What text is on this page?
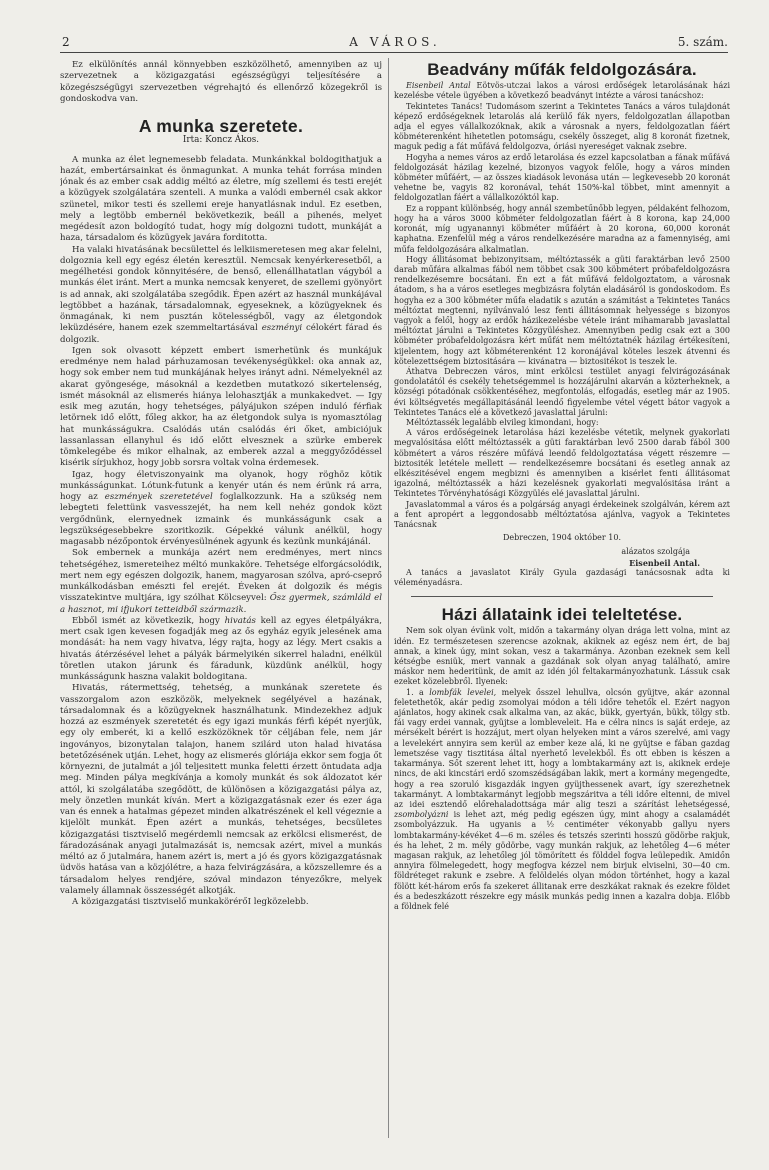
2	A VÁROS.	5. szám.

Ez elkülönítés annál könnyebben eszközölhető, amennyiben az uj szervezetnek a közigazgatási egészségügyi teljesítésére a közegészségügyi szervezetben végrehajtó és ellenőrző közegekről is gondoskodva van.

A munka szeretete.
Irta: Koncz Ákos.

A munka az élet legnemesebb feladata. Munkánkkal boldogithatjuk a hazát, embertársainkat és önmagunkat. A munka tehát forrása minden jónak és az ember csak addig méltó az életre, míg szellemi és testi erejét a közügyek szolgálatára szenteli. A munka a valódi embernél csak akkor szünetel, mikor testi és szellemi ereje hanyatlásnak indul. Ez esetben, mely a legtöbb embernél bekövetkezik, beáll a pihenés, melyet megédesít azon boldogító tudat, hogy míg dolgozni tudott, munkáját a haza, társadalom és közügyek javára forditotta.

Ha valaki hivatásának becsülettel és lelkiismeretesen meg akar felelni, dolgoznia kell egy egész életén keresztül. Nemcsak kenyérkeresetből, a megélhetési gondok könnyitésére, de benső, ellenállhatatlan vágyból a munkás élet iránt. Mert a munka nemcsak kenyeret, de szellemi gyönyört is ad annak, aki szolgálatába szegődik. Épen azért az használ munkájával legtöbbet a hazának, társadalomnak, egyeseknek, a közügyeknek és önmagának, ki nem pusztán kötelességből, vagy az életgondok leküzdésére, hanem ezek szemmeltartásával eszményi célokért fárad és dolgozik.

Igen sok olvasott képzett embert ismerhetünk és munkájuk eredménye nem halad párhuzamosan tevékenységükkel: oka annak az, hogy sok ember nem tud munkájának helyes irányt adni. Némelyeknél az akarat gyöngesége, másoknál a kezdetben mutatkozó sikertelenség, ismét másoknál az elismerés hiánya lelohasztják a munkakedvet. — Igy esik meg azután, hogy tehetséges, pályájukon szépen induló férfiak letörnek idő előtt, főleg akkor, ha az életgondok sulya is nyomasztólag hat munkásságukra. Csalódás után csalódás éri őket, ambiciójuk lassanlassan ellanyhul és idő előtt elvesznek a szürke emberek tömkelegébe és mikor elhalnak, az emberek azzal a meggyőződéssel kisérik sírjukhoz, hogy jobb sorsra voltak volna érdemesek.

Igaz, hogy életviszonyaink ma olyanok, hogy röghöz kötik munkásságunkat. Lótunk-futunk a kenyér után és nem érünk rá arra, hogy az eszmények szeretetével foglalkozzunk. Ha a szükség nem lebegteti felettünk vasvesszejét, ha nem kell nehéz gondok közt vergődnünk, elernyednek izmaink és munkásságunk csak a legszükségesebbekre szoritkozik. Gépekké válunk anélkül, hogy magasabb nézőpontok érvényesülnének agyunk és kezünk munkájánál.

Sok embernek a munkája azért nem eredményes, mert nincs tehetségéhez, ismereteihez méltó munkaköre. Tehetsége elforgácsolódik, mert nem egy egészen dolgozik, hanem, magyarosan szólva, apró-cseprő munkálkodásban emészti fel erejét. Éveken át dolgozik és mégis visszatekintve multjára, igy szólhat Kölcseyvel: Ősz gyermek, számláld el a hasznot, mi ifjukori tetteidből származik.

Ebből ismét az következik, hogy hivatás kell az egyes életpályákra, mert csak igen kevesen fogadják meg az ős egyház egyik jelesének ama mondását: ha nem vagy hivatva, légy rajta, hogy az légy. Mert csakis a hivatás átérzésével lehet a pályák bármelyikén sikerrel haladni, enélkül töretlen utakon járunk és fáradunk, küzdünk anélkül, hogy munkásságunk hasznа valakit boldogitana.

Hivatás, rátermettség, tehetség, a munkának szeretete és vasszorgalom azon eszközök, melyeknek segélyével a hazának, társadalomnak és a közügyeknek használhatunk. Mindezekhez adjuk hozzá az eszmények szeretetét és egy igazi munkás férfi képét nyerjük, egy oly emberét, ki a kellő eszközöknek tör céljában fele, nem jár ingoványos, bizonytalan talajon, hanem szilárd uton halad hivatása betetőzésének utján. Lehet, hogy az elismerés glóriája ekkor sem fogja őt környezni, de jutalmát a jól teljesitett munka feletti érzett öntudata adja meg. Minden pálya megkívánja a komoly munkát és sok áldozatot kér attól, ki szolgálatába szegődött, de különösen a közigazgatási pálya az, mely önzetlen munkát kíván. Mert a közigazgatásnak ezer és ezer ága van és ennek a hatalmas gépezet minden alkatrészének el kell végeznie a kijelölt munkát. Épen azért a munkás, tehetséges, becsületes közigazgatási tisztviselő megérdemli nemcsak az erkölcsi elismerést, de fáradozásának anyagi jutalmazását is, nemcsak azért, mivel a munkás méltó az ő jutalmára, hanem azért is, mert a jó és gyors közigazgatásnak üdvös hatása van a közjólétre, a haza felvirágzására, a közszellemre és a társadalom helyes rendjére, szóval mindazon tényezőkre, melyek valamely államnak összességét alkotják.

A közigazgatási tisztviselő munkakörérőI legközelebb.

Beadvány műfák feldolgozására.

Eisenbeil Antal Eötvös-utczai lakos a városi erdőségek letarolásának házi kezelésbe vétele ügyében a következő beadványt intézte a városi tanácshoz:

Tekintetes Tanács! Tudomásom szerint a Tekintetes Tanács a város tulajdonát képező erdőségeknek letarolás alá kerülő fák nyers, feldolgozatlan állapotban adja el egyes vállalkozóknak, akik a városnak a nyers, feldolgozatlan fáért köbméterenként hihetetlen potomságu, csekély összeget, alig 8 koronát fizetnek, maguk pedig a fát műfává feldolgozva, óriási nyereséget vaknak zsebre.

Hogyha a nemes város az erdő letarolása és ezzel kapcsolatban a fának műfává feldolgozását házilag kezelné, bizonyos vagyok felőle, hogy a város minden köbméter műfáért, — az összes kiadások levonása után — legkevesebb 20 koronát vehetne be, vagyis 82 koronával, tehát 150%-kal többet, mint amennyit a feldolgozatlan fáért a vállalkozóktól kap.

Ez a roppant különbség, hogy annál szembetűnőbb legyen, példaként felhozom, hogy ha a város 3000 köbméter feldolgozatlan fáért à 8 korona, kap 24,000 koronát, míg ugyanannyi köbméter műfáért à 20 korona, 60,000 koronát kaphatna. Ezenfelül még a város rendelkezésére maradna az a famennyiség, ami műfa feldolgozására alkalmatlan.

Hogy állitásomat bebizonyitsam, méltóztassék a güti faraktárban levő 2500 darab műfára alkalmas fából nem többet csak 300 köbmétert próbafeldolgozásra rendelkezésemre bocsátani. Én ezt a fát műfává feldolgoztatom, a városnak átadom, s ha a város esetleges megbizásra folytán eladásáról is gondoskodom. És hogyha ez a 300 köbméter műfa eladatik s azután a számitást a Tekintetes Tanács méltóztat megtenni, nyilvánvaló lesz fenti állitásomnak helyessége s bizonyos vagyok a felől, hogy az erdők házikezelésbe vétele iránt mihamarabb javaslattal méltóztat járulni a Tekintetes Közgyüléshez. Amennyiben pedig csak ezt a 300 köbméter próbafeldolgozásra kért műfát nem méltóztatnék házilag értékesíteni, kijelentem, hogy azt köbméterenként 12 koronájával köteles leszek átvenni és kötelezettségem biztositására — kivánatra — biztositékot is teszek le.

Áthatva Debreczen város, mint erkölcsi testület anyagi felvirágozásának gondolatától és csekély tehetségemmel is hozzájárulni akarván a közterheknek, a községi pótadónak csökkentéséhez, megfontolás, elfogadás, esetleg már az 1905. évi költségvetés megállapitásánál leendő figyelembe vétel végett bátor vagyok a Tekintetes Tanács elé a következő javaslattal járulni:

Méltóztassék legalább elvileg kimondani, hogy:

A város erdőségeinek letarolása házi kezelésbe vétetik, melynek gyakorlati megvalósitása előtt méltóztassék a güti faraktárban levő 2500 darab fából 300 köbmétert a város részére műfává leendő feldolgoztatása végett részemre — biztositék letétele mellett — rendelkezésemre bocsátani és esetleg annak az elkészitésével engem megbizni és amennyiben a kisérlet fenti állitásomat igazolná, méltóztassék a házi kezelésnek gyakorlati megvalósitása iránt a Tekintetes Törvényhatósági Közgyülés elé javaslattal járulni.

Javaslatommal a város és a polgárság anyagi érdekeinek szolgálván, kérem azt a fent apropért a leggondosabb méltóztatósa ajánlva, vagyok a Tekintetes Tanácsnak

Debreczen, 1904 október 10.
alázatos szolgája
Eisenbeil Antal.

A tanács a javaslatot Király Gyula gazdasági tanácsosnak adta ki véleményadásra.

Házi állataink idei teleltetése.

Nem sok olyan évünk volt, midőn a takarmány olyan drága lett volna, mint az idén. Ez természetesen szerencse azoknak, akiknek az egész nem ért, de baj annak, a kinek úgy, mint sokan, vesz a takarmánya. Azonban ezeknek sem kell kétségbe esniük, mert vannak a gazdának sok olyan anyag található, amire máskor nem hederitünk, de amit az idén jól feltakarmányozhatunk. Lássuk csak ezeket közelebbről. Ilyenek:

1. a lombfák levelei, melyek ősszel lehullva, olcsón gyüjtve, akár azonnal feletethetők, akár pedig zsomolyai módon a téli időre tehetők el. Ezért nagyon ajánlatos, hogy akinek csak alkalma van, az akác, bükk, gyertyán, bükk, tölgy stb. fái vagy erdei vannak, gyüjtse a lombleveleit. Ha e célra nincs is saját erdeje, az mérsékelt bérért is hozzájut, mert olyan helyeken mint a város szerelvé, ami vagy a levelekért annyira sem kerül az ember keze alá, ki ne gyüjtse e fában gazdag lemetszése vagy tisztitása által nyerhető levelekből. És ott ebben is készen a takarmánya. Sőt szerent lehet itt, hogy a lombtakarmány azt is, akiknek erdeje nincs, de aki kincstári erdő szomszédságában lakik, mert a kormány megengedte, hogy a rea szoruló kisgazdák ingyen gyüjthessenek avart, így szerezhetnek takarmányt. A lombtakarmányt legjobb megszáritva a téli időre eltenni, de mivel az idei esztendő előrehaladottsága már alig teszi a szárítást lehetségessé, zsombolyázni is lehet azt, még pedig egészen úgy, mint ahogy a csalamádét zsombolyázzuk. Ha ugyanis a ½ centiméter vékonyabb gallyu nyers lombtakarmány-kévéket 4—6 m. széles és tetszés szerinti hosszú gödörbe rakjuk, és ha lehet, 2 m. mély gödörbe, vagy munkán rakjuk, az lehetőleg 4—6 méter magasan rakjuk, az lehetőleg jól tömörített és földdel fogva leülepedik. Amidőn annyira fölmelegedett, hogy megfogva kézzel nem birjuk elviselni, 30—40 cm. földréteget rakunk e zsebre. A felöldelés olyan módon történhet, hogy a kazal fölött két-három erős fa szekeret állitanak erre deszkákat raknak és ezekre földet és a bedeszkázott részekre egy másik munkás pedig innen a kazalra dobja. Előbb a földnek felé
